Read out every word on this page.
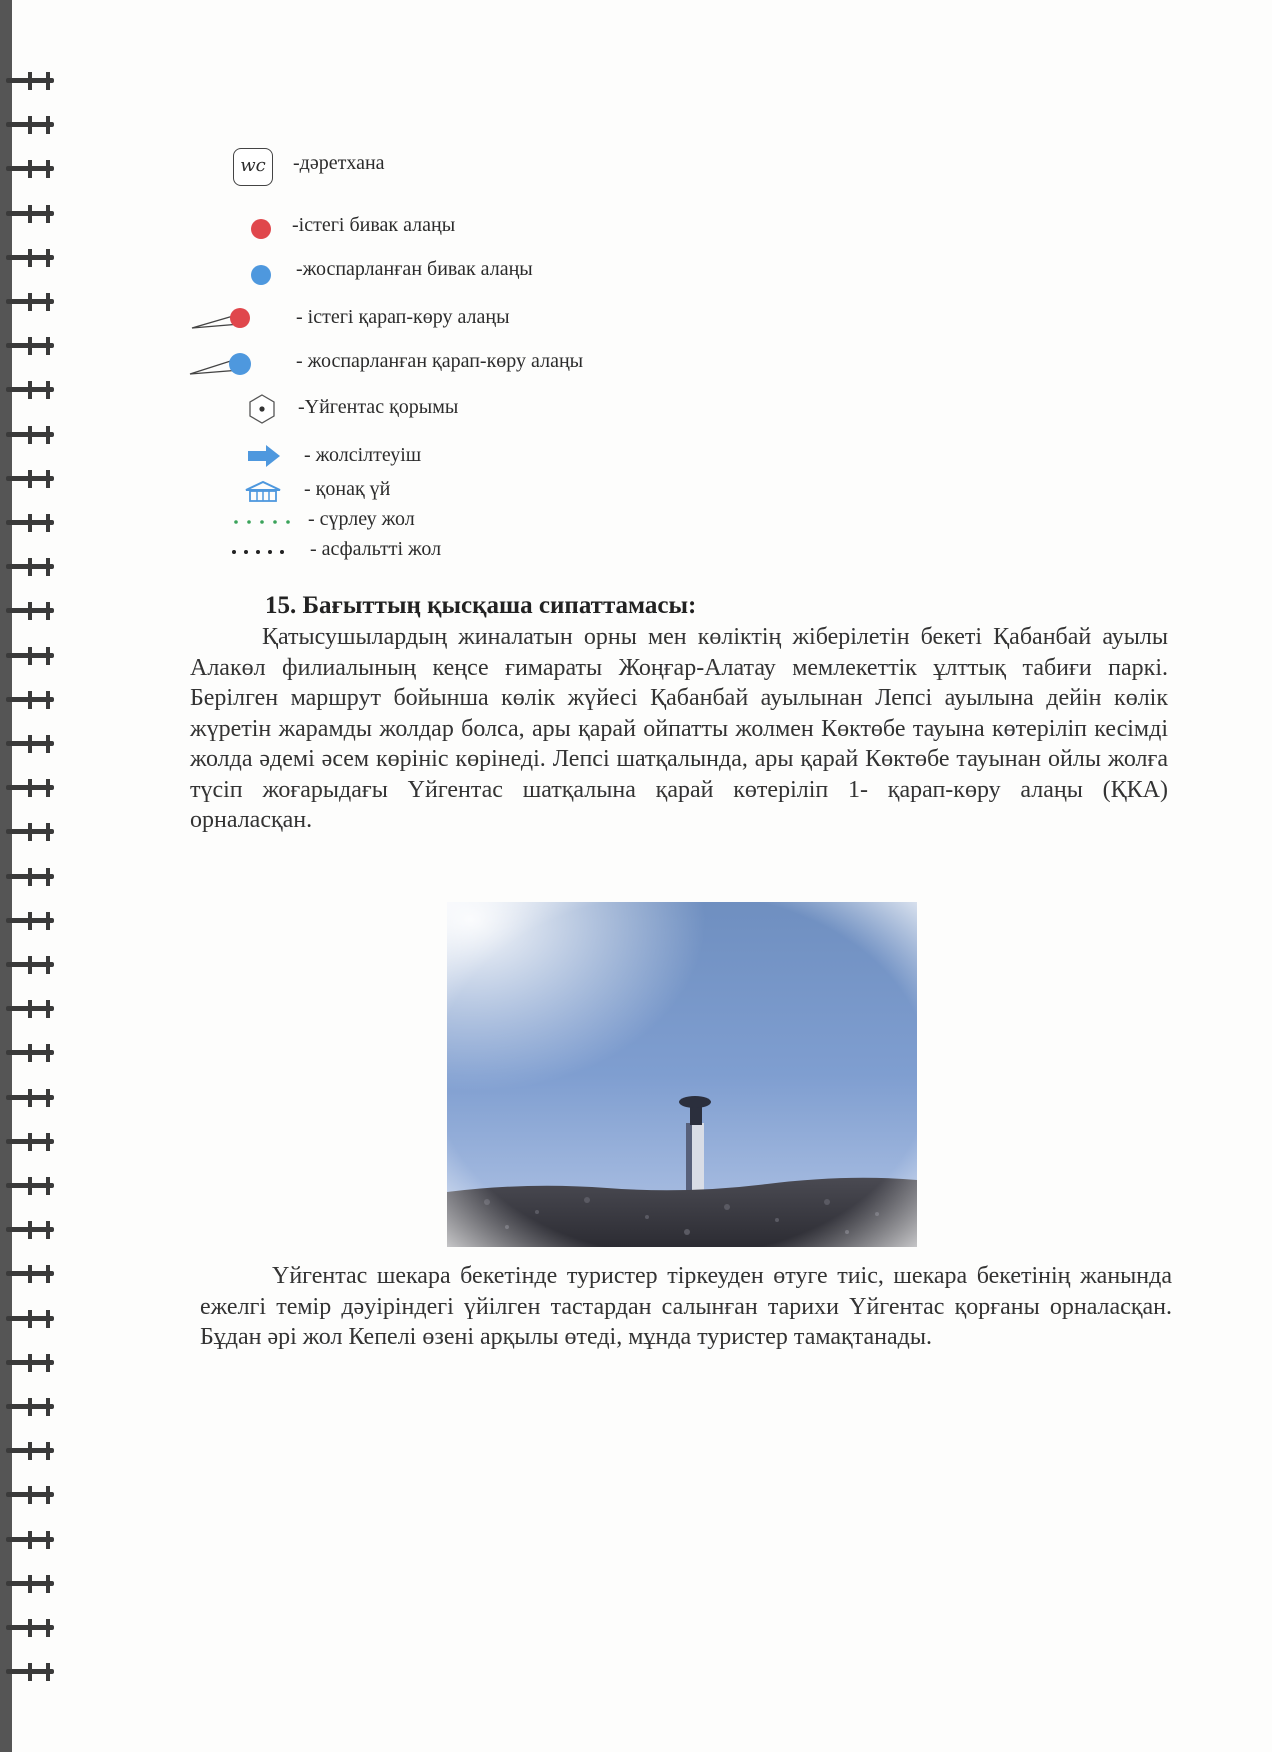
wc	-дәретхана
-істегі бивак алаңы
-жоспарланған бивак алаңы
- істегі қарап-көру алаңы
- жоспарланған қарап-көру алаңы
-Үйгентас қорымы
- жолсілтеуіш
- қонақ үй
- сүрлеу жол
- асфальтті жол
15. Бағыттың қысқаша сипаттамасы:
Қатысушылардың жиналатын орны мен көліктің жіберілетін бекеті Қабанбай ауылы Алакөл филиалының кеңсе ғимараты Жоңғар-Алатау мемлекеттік ұлттық табиғи паркі. Берілген маршрут бойынша көлік жүйесі Қабанбай ауылынан Лепсі ауылына дейін көлік жүретін жарамды жолдар болса, ары қарай ойпатты жолмен Көктөбе тауына көтеріліп кесімді жолда әдемі әсем көрініс көрінеді. Лепсі шатқалында, ары қарай Көктөбе тауынан ойлы жолға түсіп жоғарыдағы Үйгентас шатқалына қарай көтеріліп 1- қарап-көру алаңы (ҚКА) орналасқан.
Үйгентас шекара бекетінде туристер тіркеуден өтуге тиіс, шекара бекетінің жанында ежелгі темір дәуіріндегі үйілген тастардан салынған тарихи Үйгентас қорғаны орналасқан. Бұдан әрі жол Кепелі өзені арқылы өтеді, мұнда туристер тамақтанады.
